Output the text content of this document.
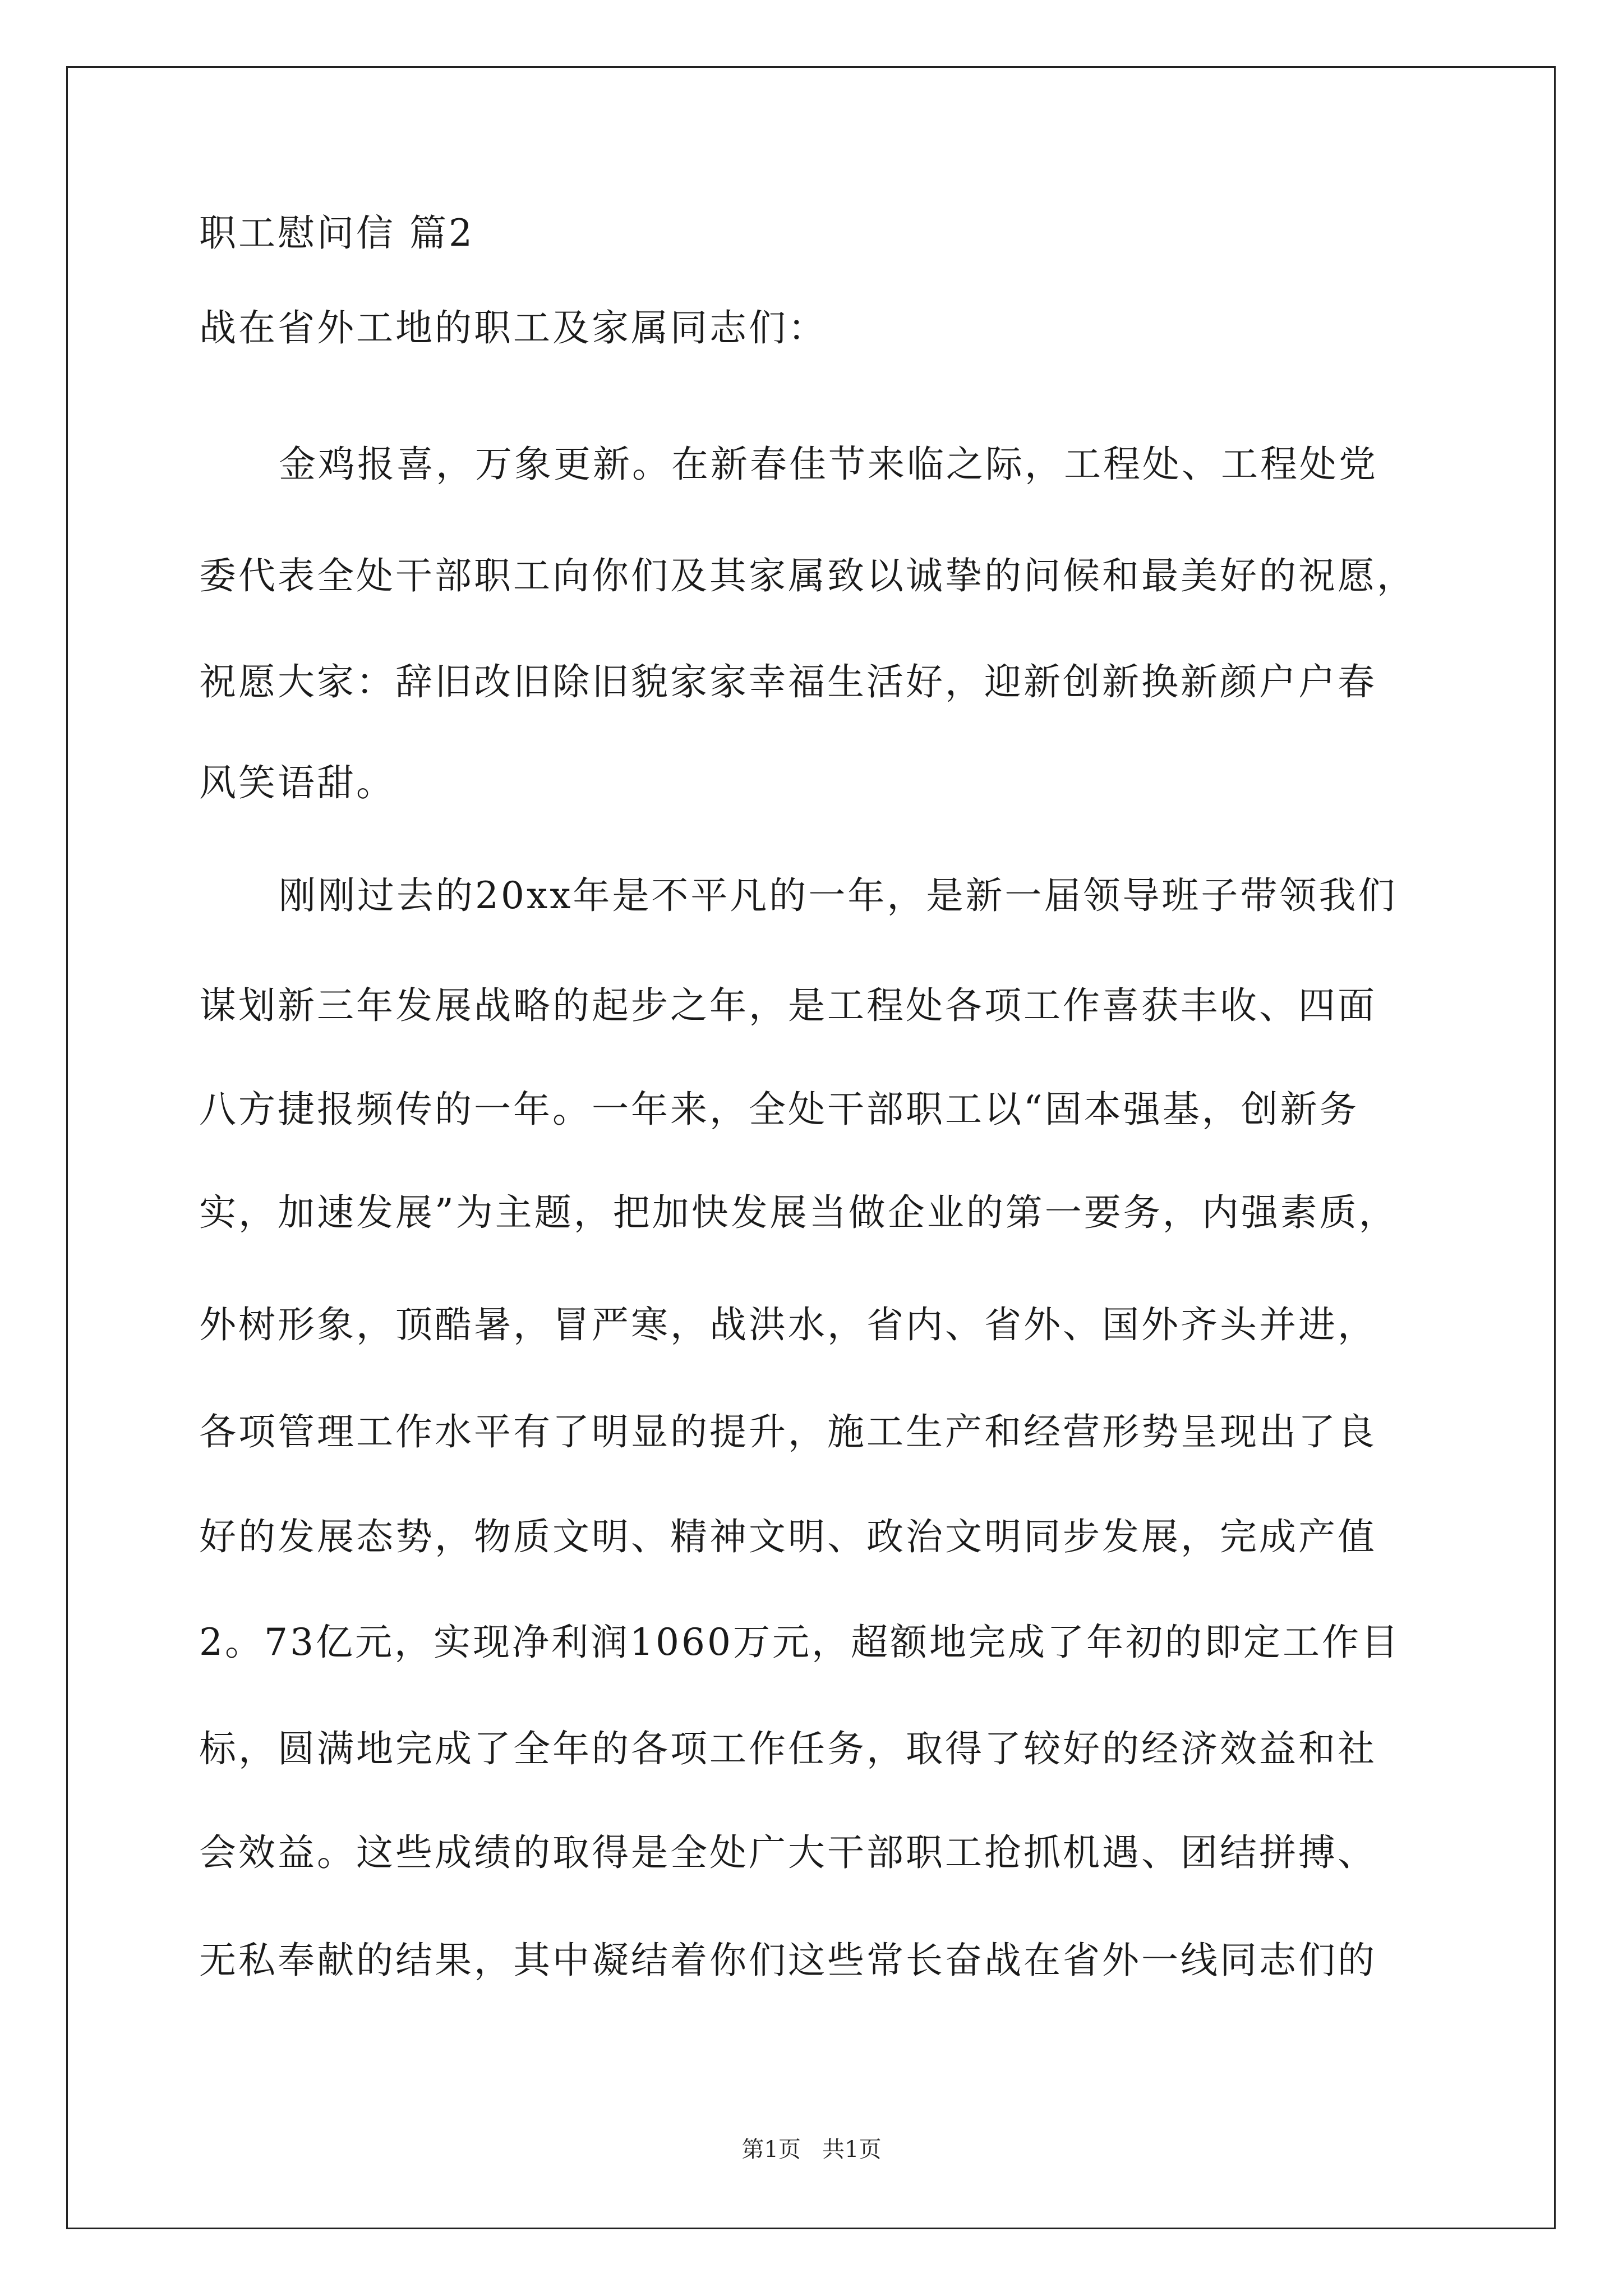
职工慰问信 篇2
战在省外工地的职工及家属同志们：
金鸡报喜，万象更新。在新春佳节来临之际，工程处、工程处党
委代表全处干部职工向你们及其家属致以诚挚的问候和最美好的祝愿，
祝愿大家：辞旧改旧除旧貌家家幸福生活好，迎新创新换新颜户户春
风笑语甜。
刚刚过去的20xx年是不平凡的一年，是新一届领导班子带领我们
谋划新三年发展战略的起步之年，是工程处各项工作喜获丰收、四面
八方捷报频传的一年。一年来，全处干部职工以“固本强基，创新务
实，加速发展”为主题，把加快发展当做企业的第一要务，内强素质，
外树形象，顶酷暑，冒严寒，战洪水，省内、省外、国外齐头并进，
各项管理工作水平有了明显的提升，施工生产和经营形势呈现出了良
好的发展态势，物质文明、精神文明、政治文明同步发展，完成产值
2。73亿元，实现净利润1060万元，超额地完成了年初的即定工作目
标，圆满地完成了全年的各项工作任务，取得了较好的经济效益和社
会效益。这些成绩的取得是全处广大干部职工抢抓机遇、团结拼搏、
无私奉献的结果，其中凝结着你们这些常长奋战在省外一线同志们的
第1页   共1页
